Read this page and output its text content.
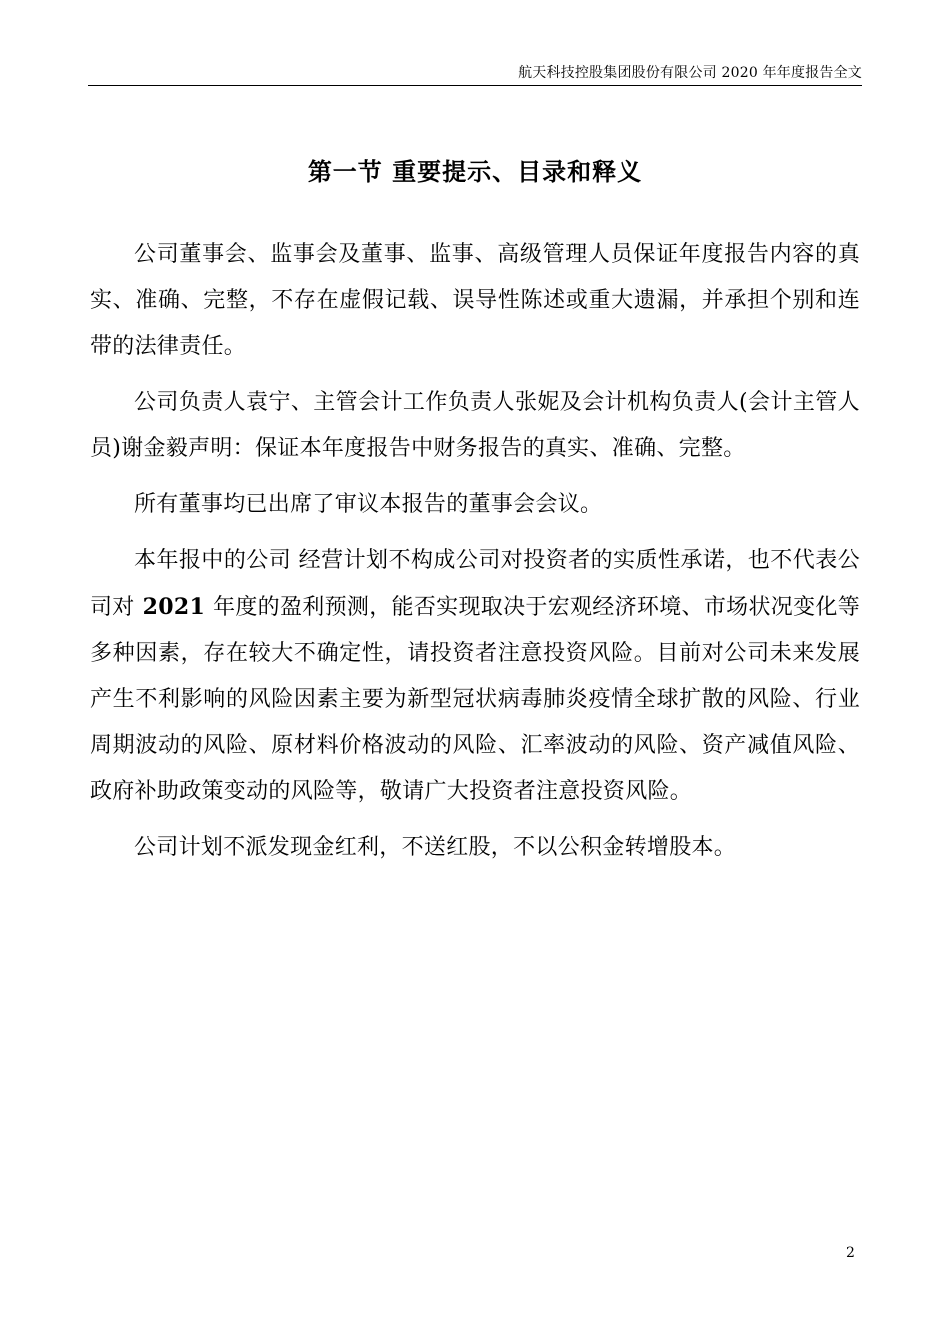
航天科技控股集团股份有限公司 2020 年年度报告全文
第一节 重要提示、目录和释义

公司董事会、监事会及董事、监事、高级管理人员保证年度报告内容的真实、准确、完整，不存在虚假记载、误导性陈述或重大遗漏，并承担个别和连带的法律责任。

公司负责人袁宁、主管会计工作负责人张妮及会计机构负责人(会计主管人员)谢金毅声明：保证本年度报告中财务报告的真实、准确、完整。

所有董事均已出席了审议本报告的董事会会议。

本年报中的公司 经营计划不构成公司对投资者的实质性承诺，也不代表公司对 2021 年度的盈利预测，能否实现取决于宏观经济环境、市场状况变化等多种因素，存在较大不确定性，请投资者注意投资风险。目前对公司未来发展产生不利影响的风险因素主要为新型冠状病毒肺炎疫情全球扩散的风险、行业周期波动的风险、原材料价格波动的风险、汇率波动的风险、资产减值风险、政府补助政策变动的风险等，敬请广大投资者注意投资风险。

公司计划不派发现金红利，不送红股，不以公积金转增股本。

2
